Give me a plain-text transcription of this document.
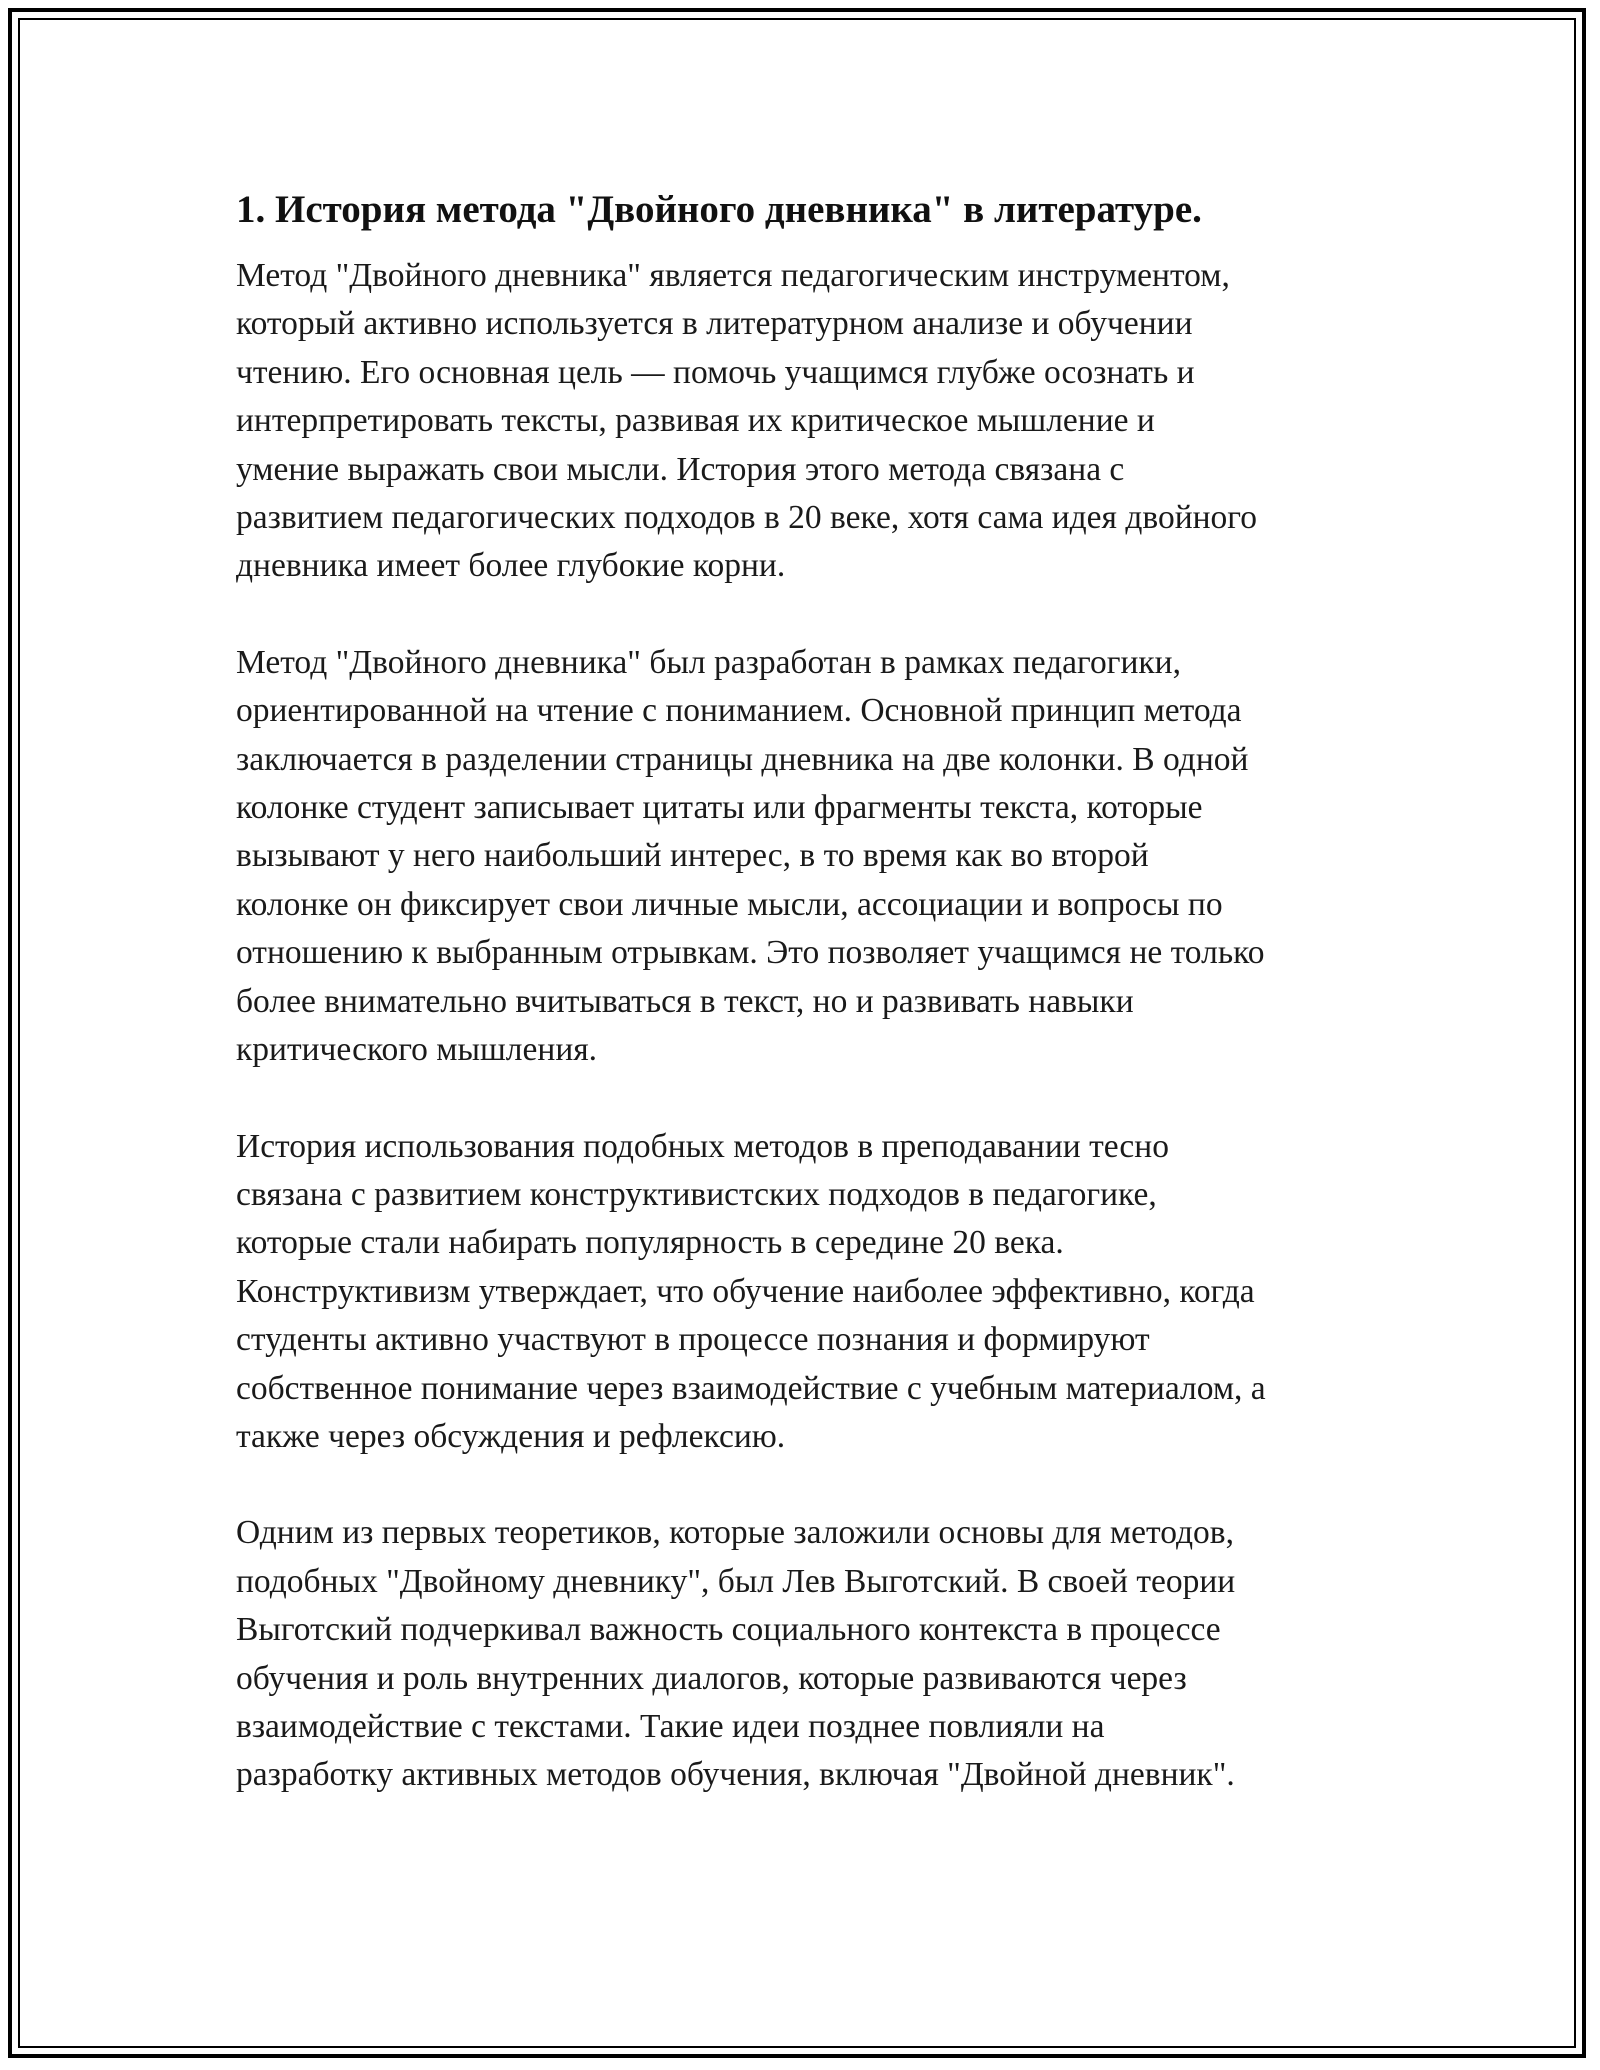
1. История метода "Двойного дневника" в литературе.

Метод "Двойного дневника" является педагогическим инструментом,
который активно используется в литературном анализе и обучении
чтению. Его основная цель — помочь учащимся глубже осознать и
интерпретировать тексты, развивая их критическое мышление и
умение выражать свои мысли. История этого метода связана с
развитием педагогических подходов в 20 веке, хотя сама идея двойного
дневника имеет более глубокие корни.

Метод "Двойного дневника" был разработан в рамках педагогики,
ориентированной на чтение с пониманием. Основной принцип метода
заключается в разделении страницы дневника на две колонки. В одной
колонке студент записывает цитаты или фрагменты текста, которые
вызывают у него наибольший интерес, в то время как во второй
колонке он фиксирует свои личные мысли, ассоциации и вопросы по
отношению к выбранным отрывкам. Это позволяет учащимся не только
более внимательно вчитываться в текст, но и развивать навыки
критического мышления.

История использования подобных методов в преподавании тесно
связана с развитием конструктивистских подходов в педагогике,
которые стали набирать популярность в середине 20 века.
Конструктивизм утверждает, что обучение наиболее эффективно, когда
студенты активно участвуют в процессе познания и формируют
собственное понимание через взаимодействие с учебным материалом, а
также через обсуждения и рефлексию.

Одним из первых теоретиков, которые заложили основы для методов,
подобных "Двойному дневнику", был Лев Выготский. В своей теории
Выготский подчеркивал важность социального контекста в процессе
обучения и роль внутренних диалогов, которые развиваются через
взаимодействие с текстами. Такие идеи позднее повлияли на
разработку активных методов обучения, включая "Двойной дневник".
